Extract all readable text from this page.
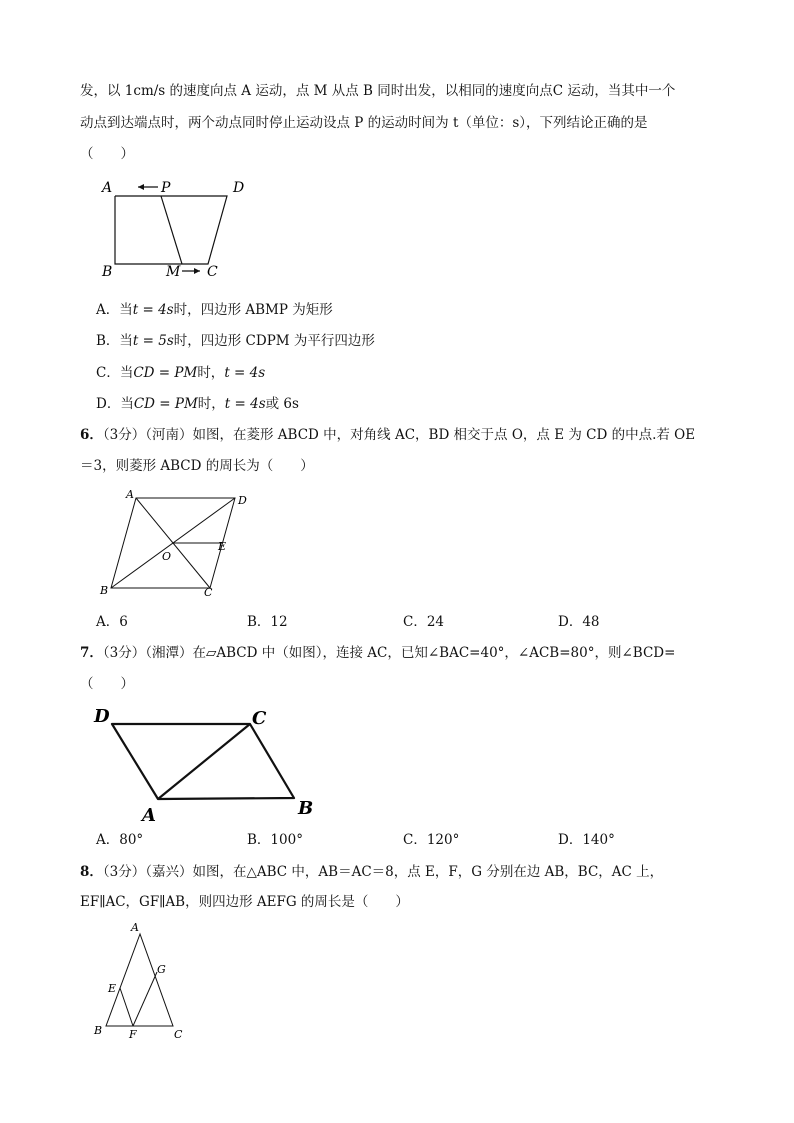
发，以 1cm/s 的速度向点 A 运动，点 M 从点 B 同时出发，以相同的速度向点C 运动，当其中一个
动点到达端点时，两个动点同时停止运动设点 P 的运动时间为 t（单位：s），下列结论正确的是
（　　）
A	P	D
B	M C
A．当t = 4s时，四边形 ABMP 为矩形
B．当t = 5s时，四边形 CDPM 为平行四边形
C．当CD = PM时，t = 4s
D．当CD = PM时，t = 4s或 6s
6．（3分）（河南）如图，在菱形 ABCD 中，对角线 AC，BD 相交于点 O，点 E 为 CD 的中点.若 OE
＝3，则菱形 ABCD 的周长为（　　）
A	D
O
E
B	C
A．6	B．12	C．24	D．48
7．（3分）（湘潭）在▱ABCD 中（如图），连接 AC，已知∠BAC=40°，∠ACB=80°，则∠BCD=
（　　）
D	C
A	B
A．80°	B．100°	C．120°	D．140°
8．（3分）（嘉兴）如图，在△ABC 中，AB＝AC＝8，点 E，F，G 分别在边 AB，BC，AC 上，
EF∥AC，GF∥AB，则四边形 AEFG 的周长是（　　）
A
G
E
B F	C
